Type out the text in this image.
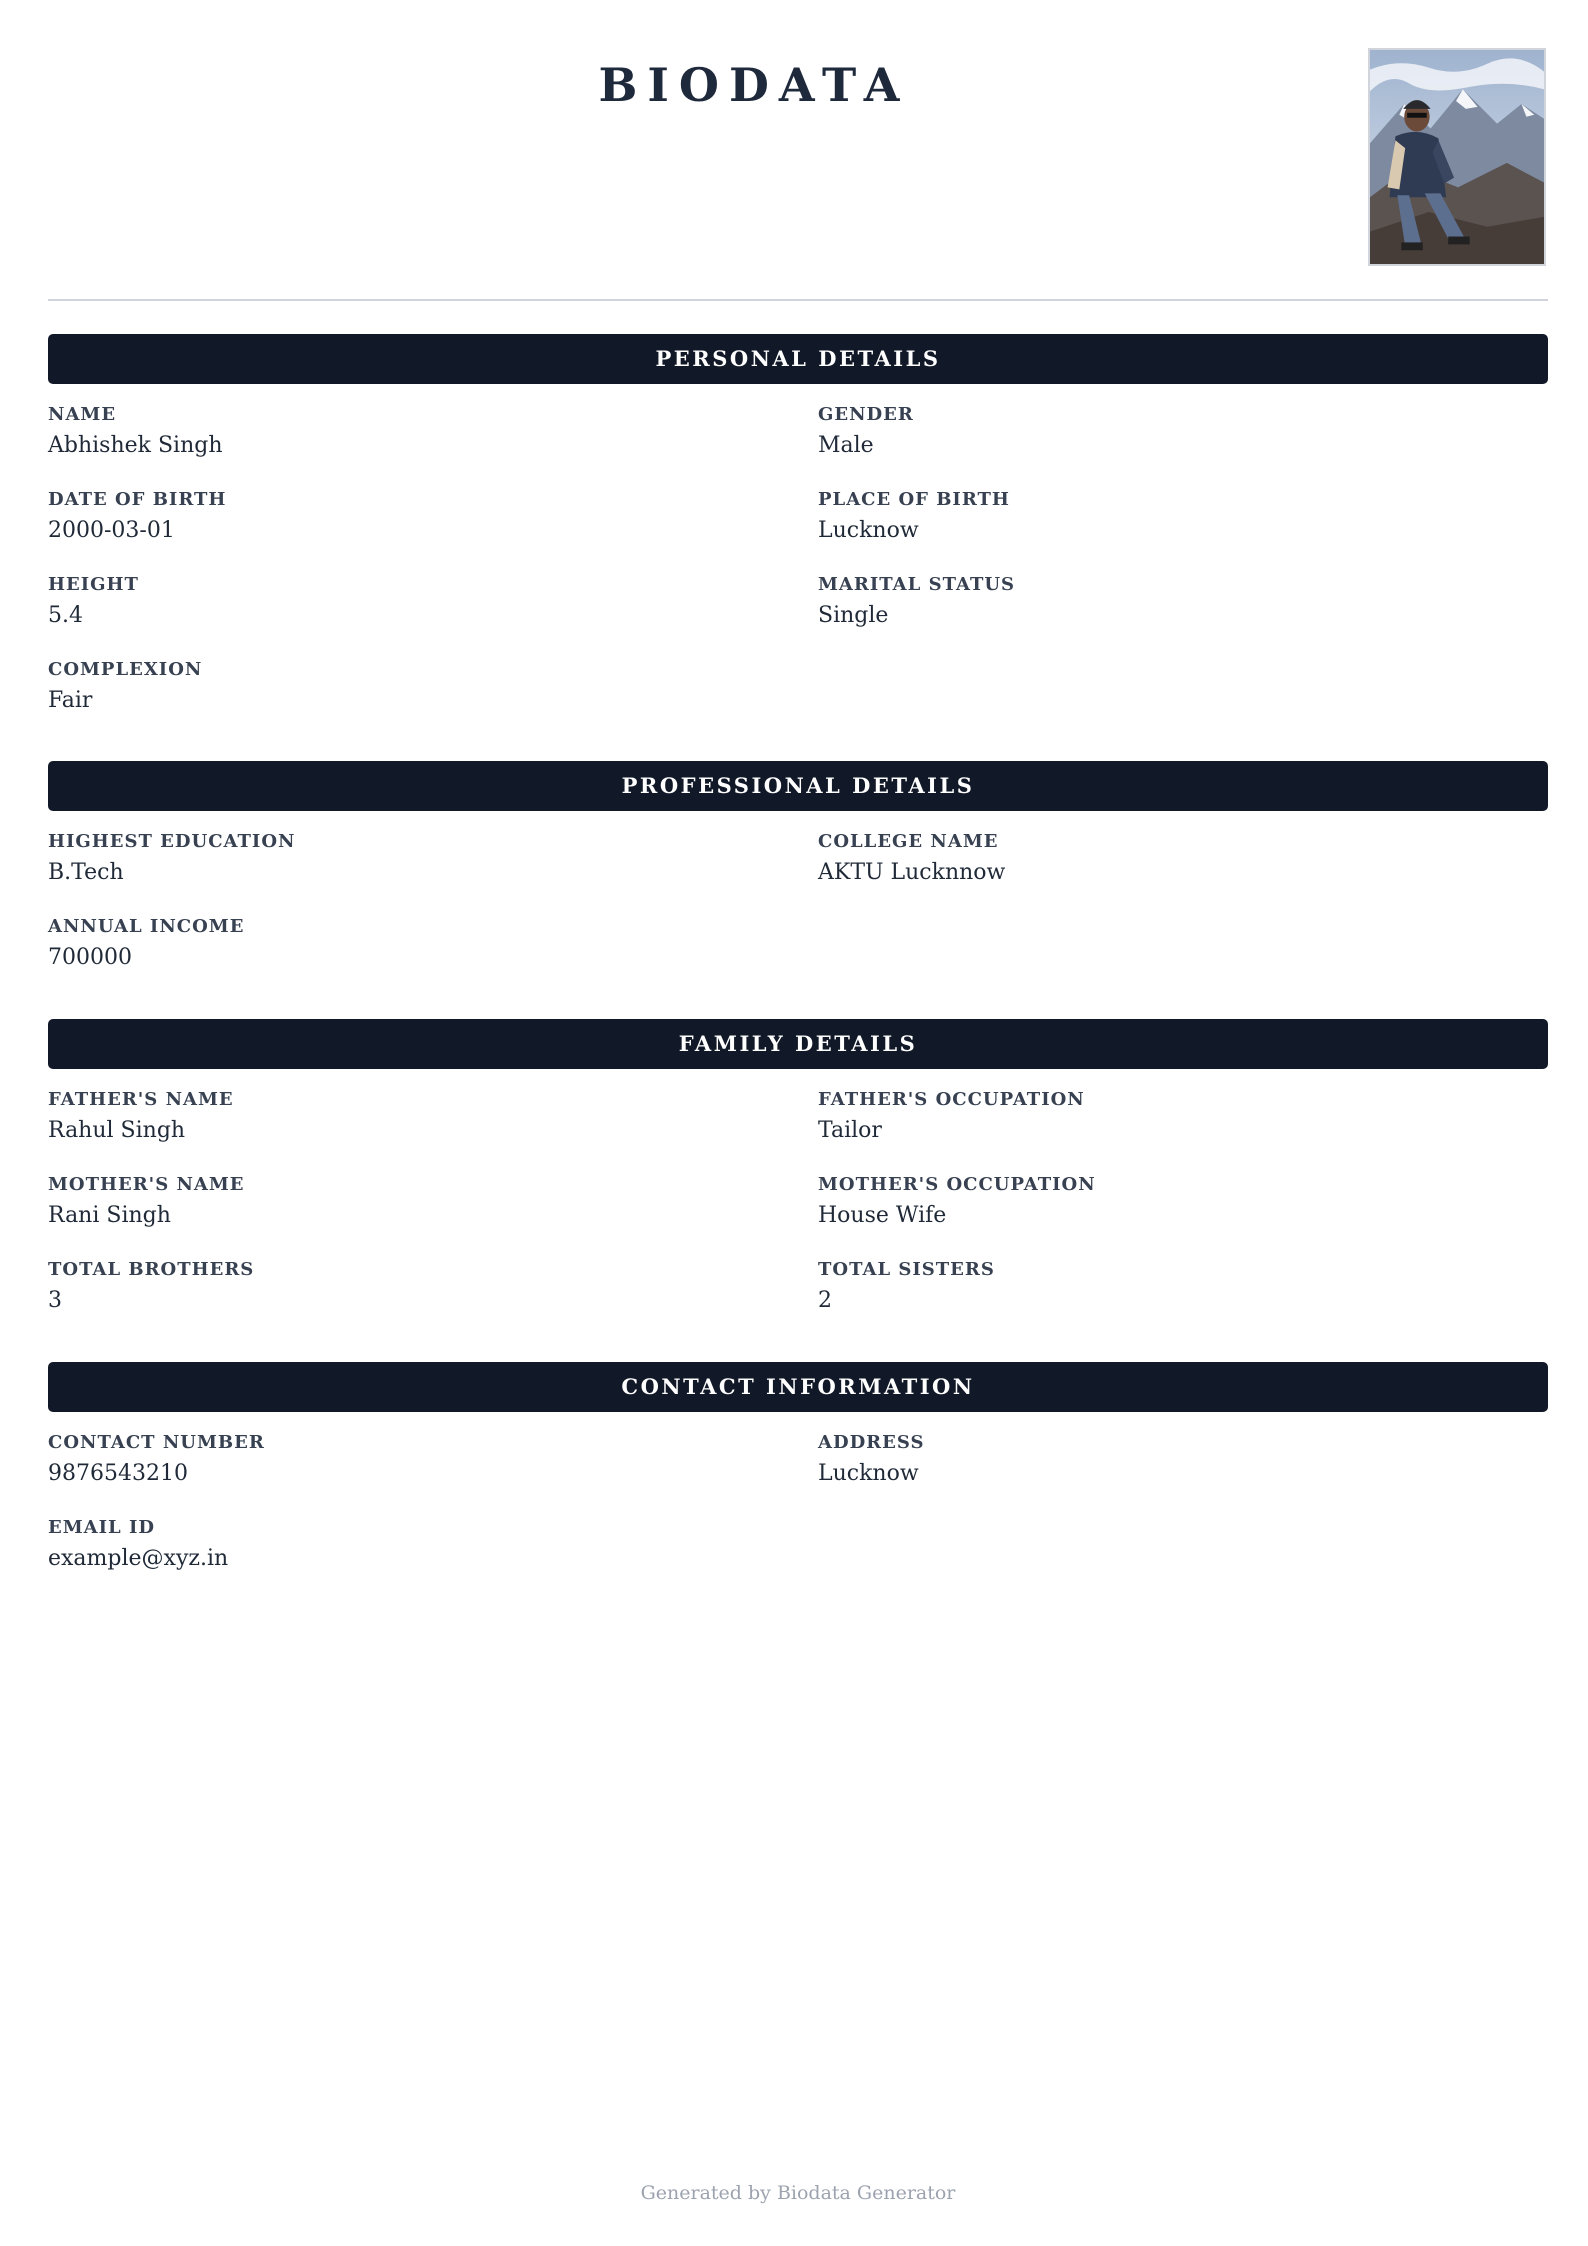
BIODATA
PERSONAL DETAILS
NAME
Abhishek Singh
GENDER
Male
DATE OF BIRTH
2000-03-01
PLACE OF BIRTH
Lucknow
HEIGHT
5.4
MARITAL STATUS
Single
COMPLEXION
Fair
PROFESSIONAL DETAILS
HIGHEST EDUCATION
B.Tech
COLLEGE NAME
AKTU Lucknnow
ANNUAL INCOME
700000
FAMILY DETAILS
FATHER'S NAME
Rahul Singh
FATHER'S OCCUPATION
Tailor
MOTHER'S NAME
Rani Singh
MOTHER'S OCCUPATION
House Wife
TOTAL BROTHERS
3
TOTAL SISTERS
2
CONTACT INFORMATION
CONTACT NUMBER
9876543210
ADDRESS
Lucknow
EMAIL ID
example@xyz.in
Generated by Biodata Generator
